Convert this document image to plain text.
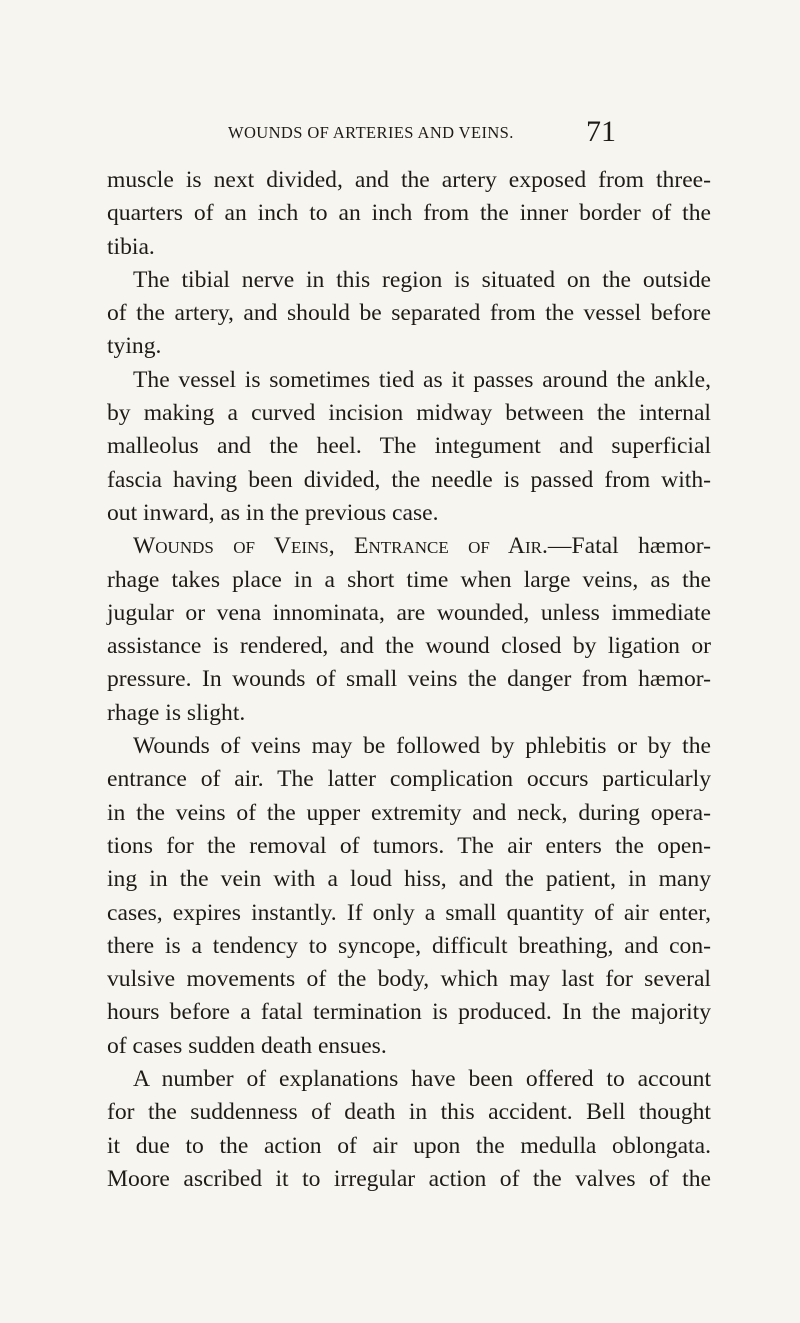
WOUNDS OF ARTERIES AND VEINS. 71
muscle is next divided, and the artery exposed from three-
quarters of an inch to an inch from the inner border of the
tibia.
The tibial nerve in this region is situated on the outside
of the artery, and should be separated from the vessel before
tying.
The vessel is sometimes tied as it passes around the ankle,
by making a curved incision midway between the internal
malleolus and the heel. The integument and superficial
fascia having been divided, the needle is passed from with-
out inward, as in the previous case.
Wounds of Veins, Entrance of Air.—Fatal hæmor-
rhage takes place in a short time when large veins, as the
jugular or vena innominata, are wounded, unless immediate
assistance is rendered, and the wound closed by ligation or
pressure. In wounds of small veins the danger from hæmor-
rhage is slight.
Wounds of veins may be followed by phlebitis or by the
entrance of air. The latter complication occurs particularly
in the veins of the upper extremity and neck, during opera-
tions for the removal of tumors. The air enters the open-
ing in the vein with a loud hiss, and the patient, in many
cases, expires instantly. If only a small quantity of air enter,
there is a tendency to syncope, difficult breathing, and con-
vulsive movements of the body, which may last for several
hours before a fatal termination is produced. In the majority
of cases sudden death ensues.
A number of explanations have been offered to account
for the suddenness of death in this accident. Bell thought
it due to the action of air upon the medulla oblongata.
Moore ascribed it to irregular action of the valves of the
